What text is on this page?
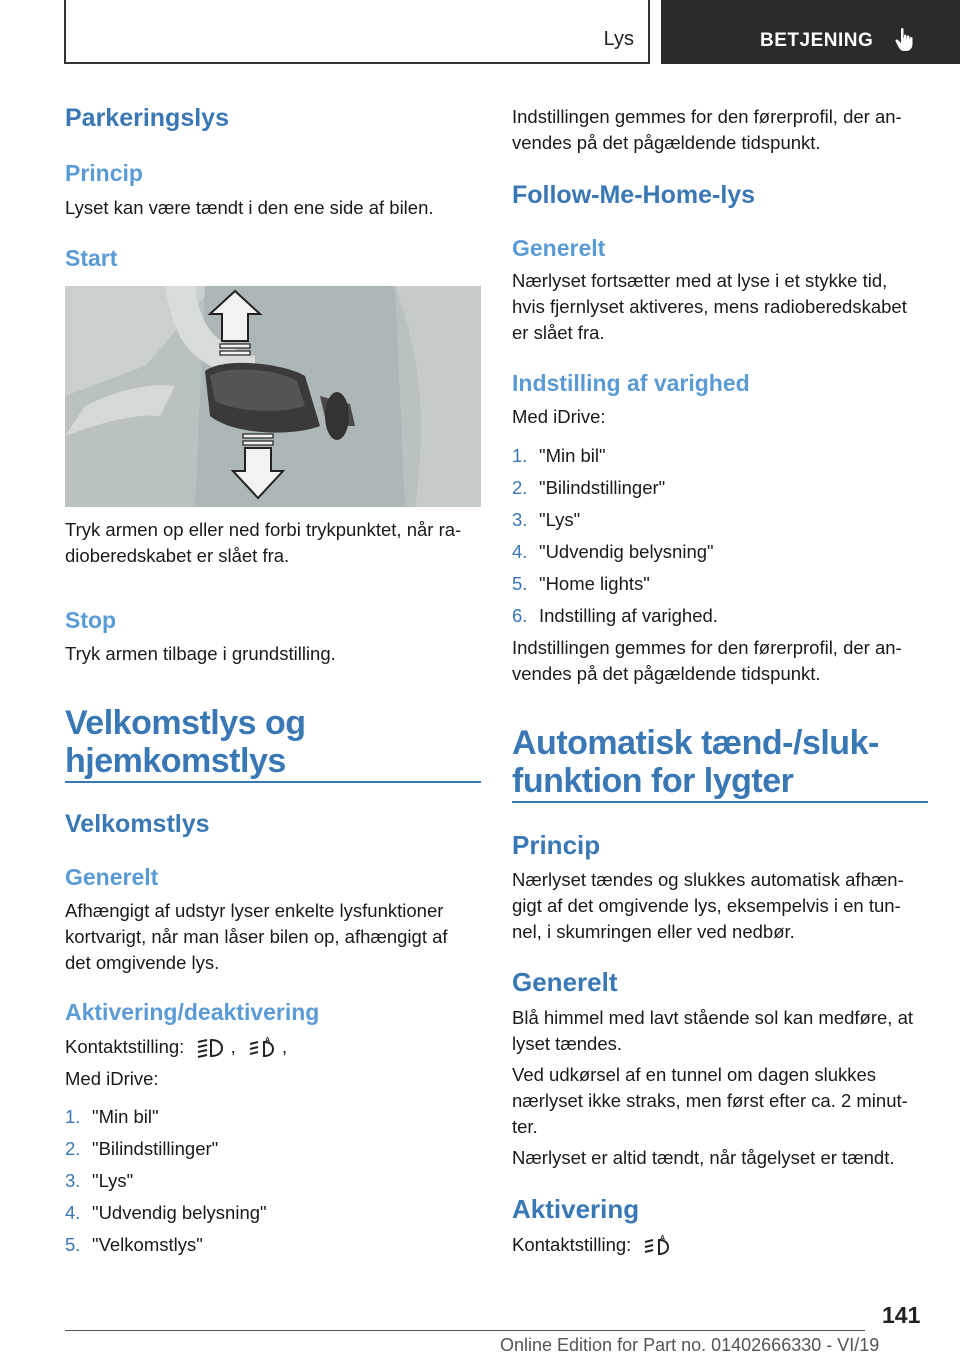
Lys	BETJENING
Parkeringslys
Princip
Lyset kan være tændt i den ene side af bilen.
Start
Tryk armen op eller ned forbi trykpunktet, når ra‐
dioberedskabet er slået fra.
Stop
Tryk armen tilbage i grundstilling.
Velkomstlys og
hjemkomstlys
Velkomstlys
Generelt
Afhængigt af udstyr lyser enkelte lysfunktioner
kortvarigt, når man låser bilen op, afhængigt af
det omgivende lys.
Aktivering/deaktivering
Kontaktstilling:	,	A ,
Med iDrive:
1. "Min bil"
2. "Bilindstillinger"
3. "Lys"
4. "Udvendig belysning"
5. "Velkomstlys"
Indstillingen gemmes for den førerprofil, der an‐
vendes på det pågældende tidspunkt.
Follow-Me-Home-lys
Generelt
Nærlyset fortsætter med at lyse i et stykke tid,
hvis fjernlyset aktiveres, mens radioberedskabet
er slået fra.
Indstilling af varighed
Med iDrive:
1. "Min bil"
2. "Bilindstillinger"
3. "Lys"
4. "Udvendig belysning"
5. "Home lights"
6. Indstilling af varighed.
Indstillingen gemmes for den førerprofil, der an‐
vendes på det pågældende tidspunkt.
Automatisk tænd-/sluk-
funktion for lygter
Princip
Nærlyset tændes og slukkes automatisk afhæn‐
gigt af det omgivende lys, eksempelvis i en tun‐
nel, i skumringen eller ved nedbør.
Generelt
Blå himmel med lavt stående sol kan medføre, at
lyset tændes.
Ved udkørsel af en tunnel om dagen slukkes
nærlyset ikke straks, men først efter ca. 2 minut‐
ter.
Nærlyset er altid tændt, når tågelyset er tændt.
Aktivering
Kontaktstilling:	A
141
Online Edition for Part no. 01402666330 - VI/19
